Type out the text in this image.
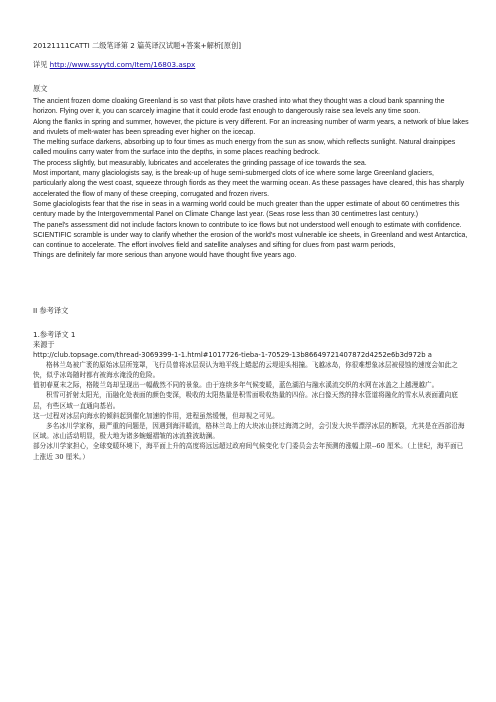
20121111CATTI 二级笔译第 2 篇英译汉试题+答案+解析[原创]

详见 http://www.ssyytd.com/Item/16803.aspx

原文

The ancient frozen dome cloaking Greenland is so vast that pilots have crashed into what they thought was a cloud bank spanning the horizon. Flying over it, you can scarcely imagine that it could erode fast enough to dangerously raise sea levels any time soon.

Along the flanks in spring and summer, however, the picture is very different. For an increasing number of warm years, a network of blue lakes and rivulets of melt-water has been spreading ever higher on the icecap.

The melting surface darkens, absorbing up to four times as much energy from the sun as snow, which reflects sunlight. Natural drainpipes called moulins carry water from the surface into the depths, in some places reaching bedrock.

The process slightly, but measurably, lubricates and accelerates the grinding passage of ice towards the sea.

Most important, many glaciologists say, is the break-up of huge semi-submerged clots of ice where some large Greenland glaciers, particularly along the west coast, squeeze through fiords as they meet the warming ocean. As these passages have cleared, this has sharply accelerated the flow of many of these creeping, corrugated and frozen rivers.

Some glaciologists fear that the rise in seas in a warming world could be much greater than the upper estimate of about 60 centimetres this century made by the Intergovernmental Panel on Climate Change last year. (Seas rose less than 30 centimetres last century.)

The panel's assessment did not include factors known to contribute to ice flows but not understood well enough to estimate with confidence. SCIENTIFIC scramble is under way to clarify whether the erosion of the world's most vulnerable ice sheets, in Greenland and west Antarctica, can continue to accelerate. The effort involves field and satellite analyses and sifting for clues from past warm periods,

Things are definitely far more serious than anyone would have thought five years ago.

II 参考译文

1.参考译文 1

来源于

http://club.topsage.com/thread-3069399-1-1.html#1017726-tieba-1-70529-13b86649721407872d4252e6b3d972b a

格林兰岛被广袤的原始冰层所笼罩，飞行员曾将冰层误认为地平线上蜷起的云堤迎头相撞。飞越冰岛，你很难想象冰层被侵蚀的速度会如此之快，似乎冰岛随时都有被海水淹没的危险。

值初春夏末之际，格陵兰岛却呈现出一幅截然不同的景象。由于连续多年气候变暖，蓝色湖泊与融水溪流交织的水网在冰盖之上越漫越广。

积雪可折射太阳光，而融化处表面的颜色变深，吸收的太阳热量是积雪面吸收热量的四倍。冰臼像天然的排水管道将融化的雪水从表面灌向底层，有些区域一直通向基岩。

这一过程对冰层向海水的倾斜起到催化加速的作用，进程虽然缓慢，但却视之可见。

多名冰川学家称，最严重的问题是，因遇到海洋暖流，格林兰岛上的大块冰山挤过海湾之时，会引发大块半漂浮冰层的断裂，尤其是在西部沿海区域。冰山活动明显，极大地为诸多蜿蜒褶皱的冰流推波助澜。

部分冰川学家担心，全球变暖环境下，海平面上升的高度将远远超过政府间气候变化专门委员会去年预测的涨幅上限--60 厘米。（上世纪，海平面已上涨近 30 厘米。）
